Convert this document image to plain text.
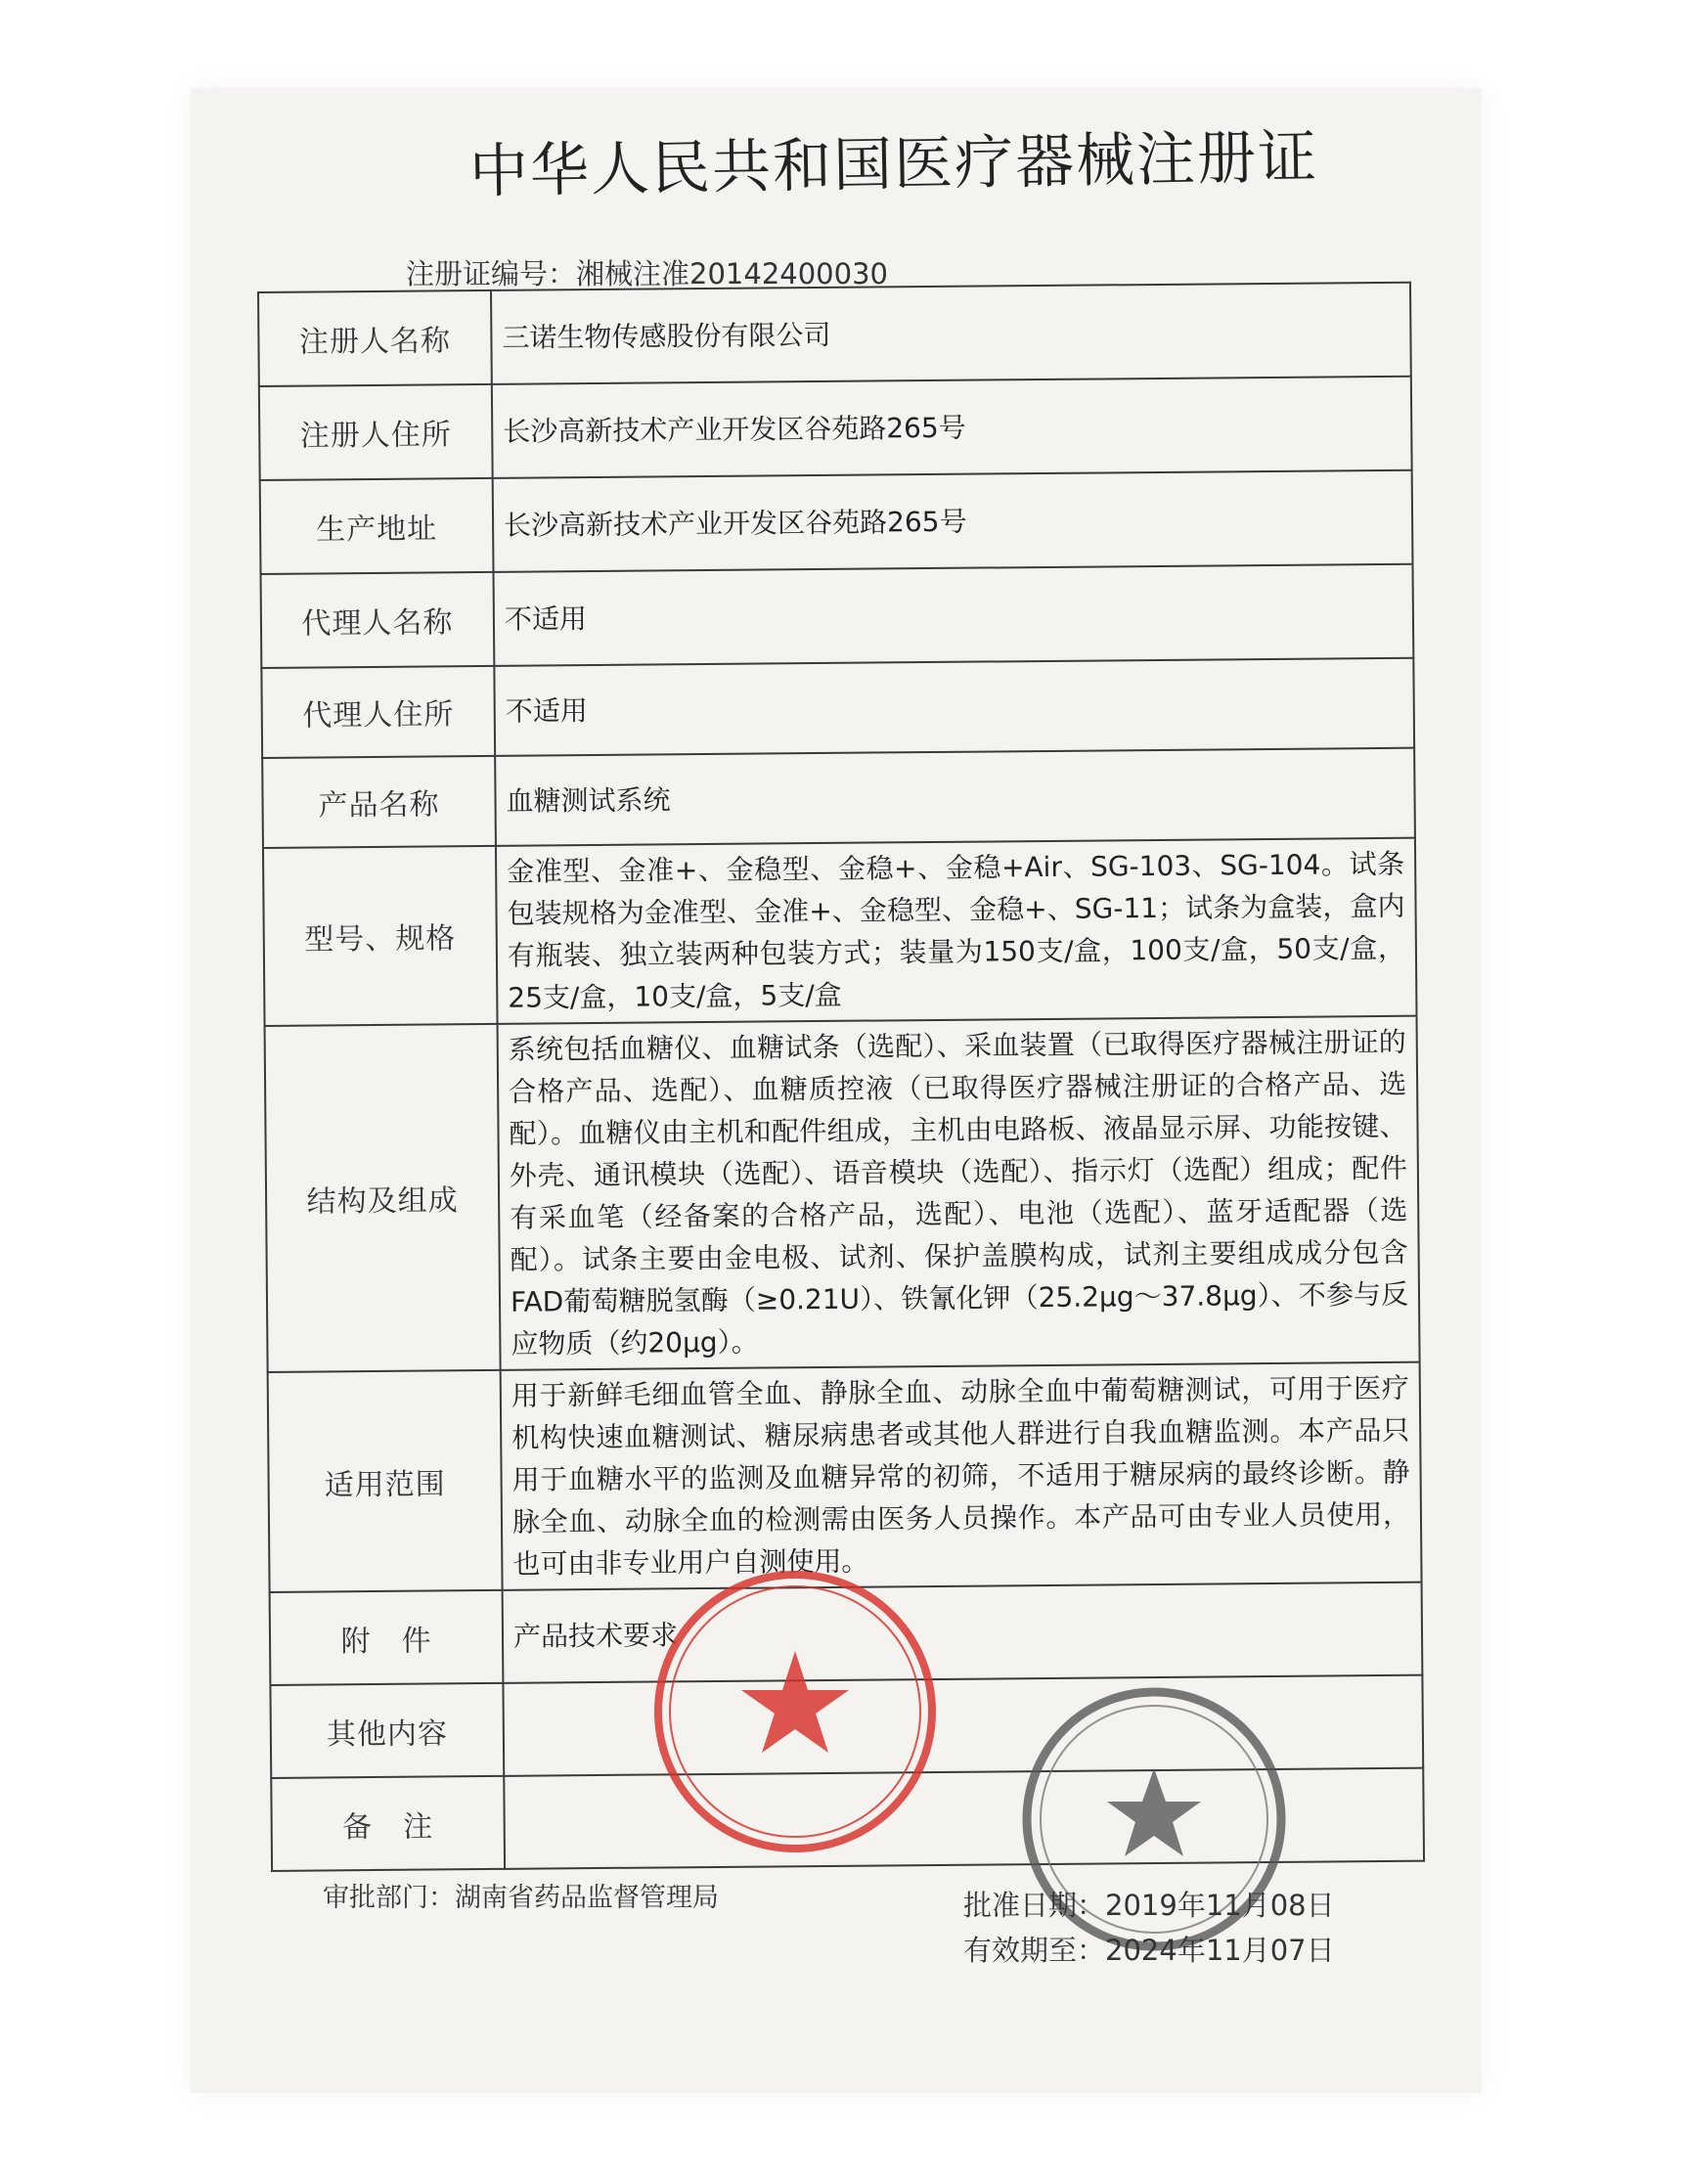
中华人民共和国医疗器械注册证
注册证编号：湘械注准20142400030
注册人名称	三诺生物传感股份有限公司
注册人住所	长沙高新技术产业开发区谷苑路265号
生产地址	长沙高新技术产业开发区谷苑路265号
代理人名称	不适用
代理人住所	不适用
产品名称	血糖测试系统
型号、规格	金准型、金准+、金稳型、金稳+、金稳+Air、SG-103、SG-104。试条包装规格为金准型、金准+、金稳型、金稳+、SG-11；试条为盒装，盒内有瓶装、独立装两种包装方式；装量为150支/盒，100支/盒，50支/盒，25支/盒，10支/盒，5支/盒
结构及组成	系统包括血糖仪、血糖试条（选配）、采血装置（已取得医疗器械注册证的合格产品、选配）、血糖质控液（已取得医疗器械注册证的合格产品、选配）。血糖仪由主机和配件组成，主机由电路板、液晶显示屏、功能按键、外壳、通讯模块（选配）、语音模块（选配）、指示灯（选配）组成；配件有采血笔（经备案的合格产品，选配）、电池（选配）、蓝牙适配器（选配）。试条主要由金电极、试剂、保护盖膜构成，试剂主要组成成分包含FAD葡萄糖脱氢酶（≥0.21U）、铁氰化钾（25.2μg～37.8μg）、不参与反应物质（约20μg）。
适用范围	用于新鲜毛细血管全血、静脉全血、动脉全血中葡萄糖测试，可用于医疗机构快速血糖测试、糖尿病患者或其他人群进行自我血糖监测。本产品只用于血糖水平的监测及血糖异常的初筛，不适用于糖尿病的最终诊断。静脉全血、动脉全血的检测需由医务人员操作。本产品可由专业人员使用，也可由非专业用户自测使用。
附　件	产品技术要求
其他内容	
备　注	
审批部门：湖南省药品监督管理局	批准日期：2019年11月08日
有效期至：2024年11月07日
